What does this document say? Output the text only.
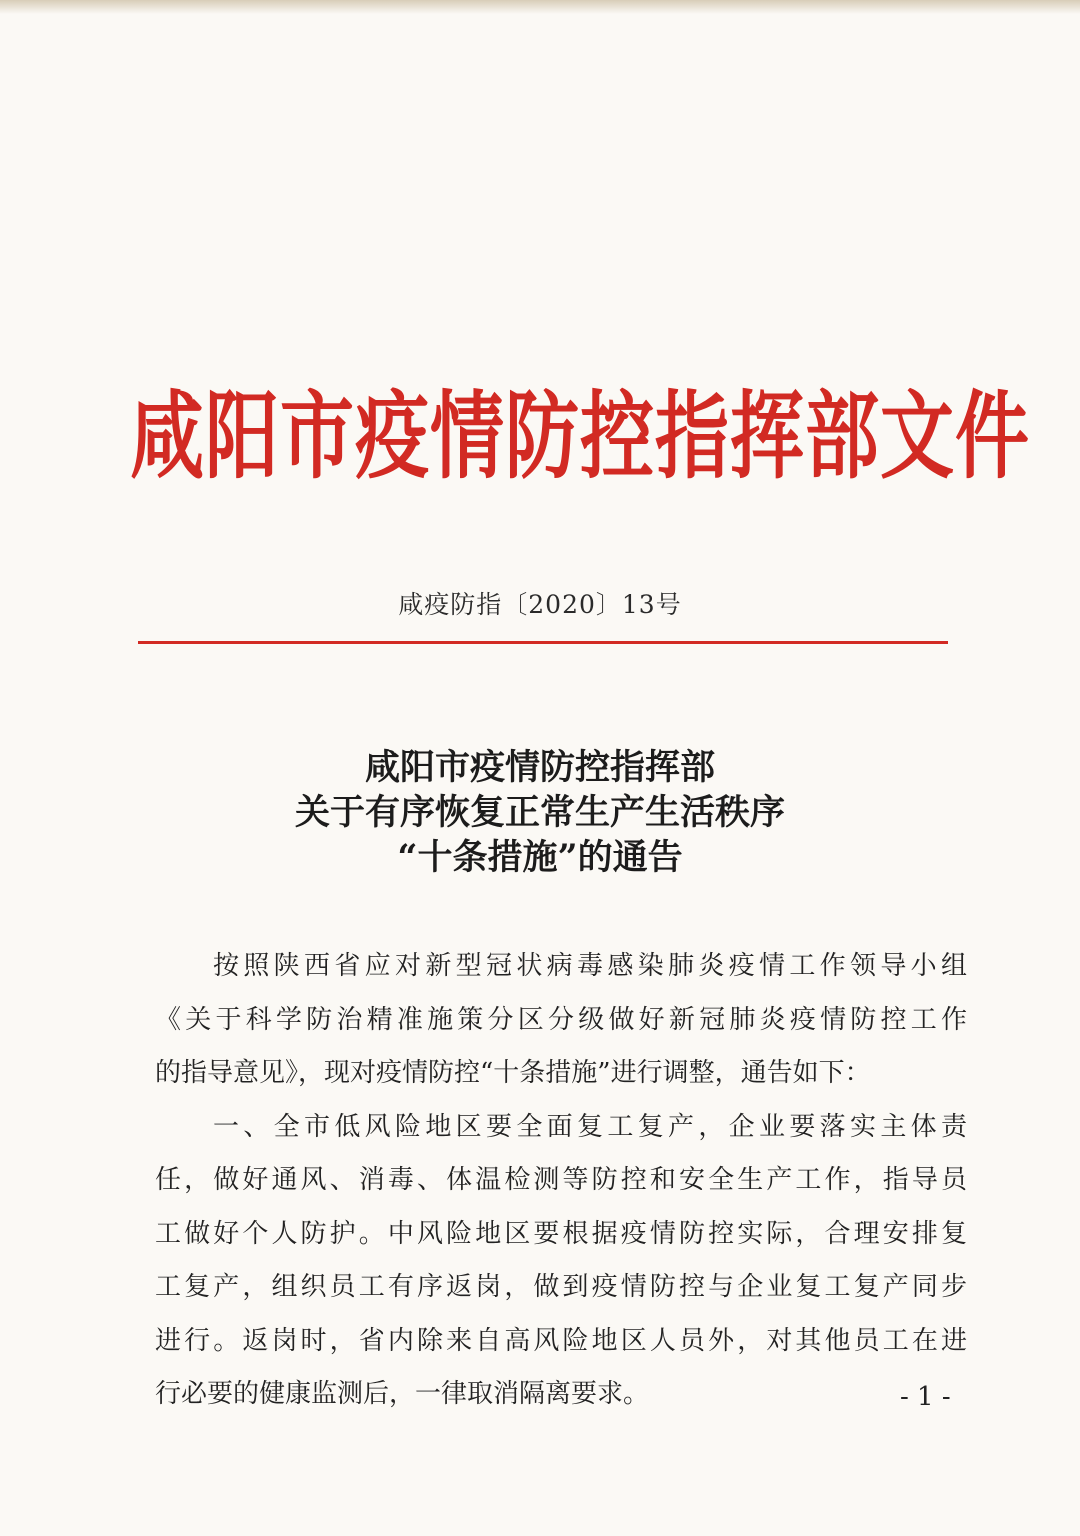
咸阳市疫情防控指挥部文件
咸疫防指〔2020〕13号
咸阳市疫情防控指挥部
关于有序恢复正常生产生活秩序
“十条措施”的通告
按照陕西省应对新型冠状病毒感染肺炎疫情工作领导小组
《关于科学防治精准施策分区分级做好新冠肺炎疫情防控工作
的指导意见》，现对疫情防控“十条措施”进行调整，通告如下：
一、全市低风险地区要全面复工复产，企业要落实主体责
任，做好通风、消毒、体温检测等防控和安全生产工作，指导员
工做好个人防护。中风险地区要根据疫情防控实际，合理安排复
工复产，组织员工有序返岗，做到疫情防控与企业复工复产同步
进行。返岗时，省内除来自高风险地区人员外，对其他员工在进
行必要的健康监测后，一律取消隔离要求。	- 1 -
